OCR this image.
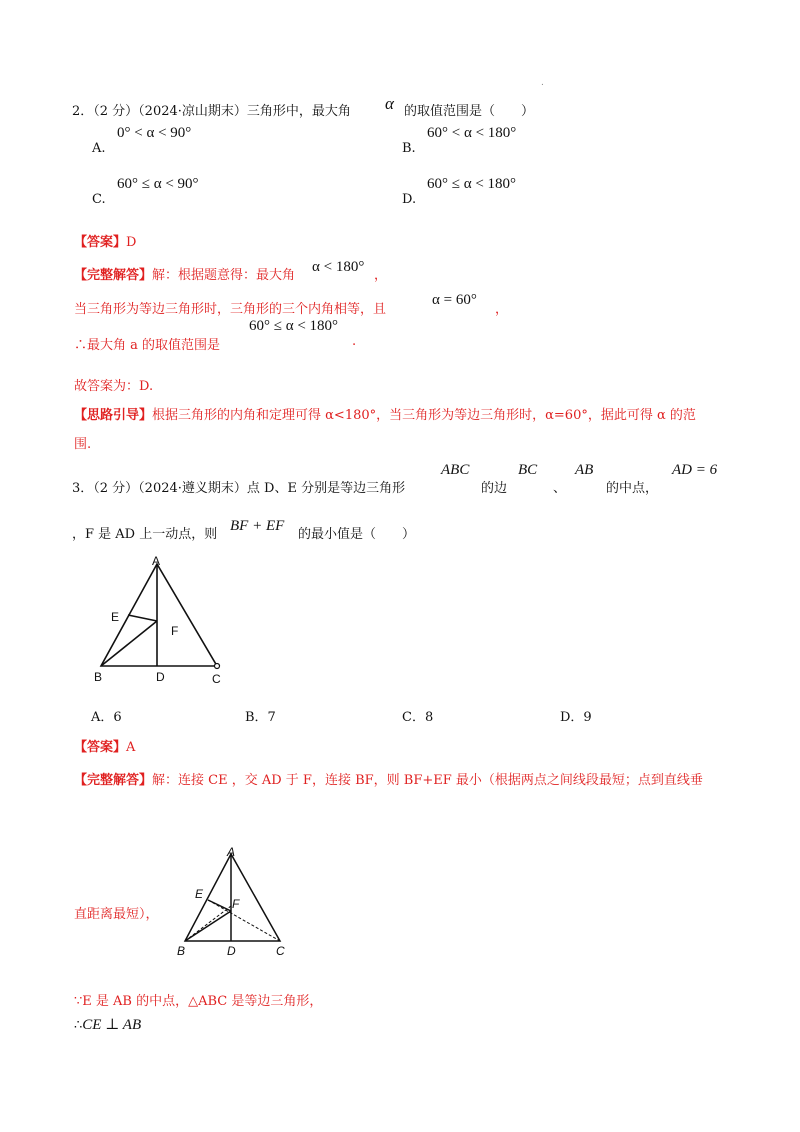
.
2．（2 分）（2024·凉山期末）三角形中，最大角 α 的取值范围是（　　）
A.
0° < α < 90°
B.
60° < α < 180°
C.
60° ≤ α < 90°
D.
60° ≤ α < 180°
【答案】D
【完整解答】解：根据题意得：最大角
α < 180°
，
当三角形为等边三角形时，三角形的三个内角相等，且
α = 60°
，
∴最大角 a 的取值范围是
60° ≤ α < 180°
.
故答案为：D.
【思路引导】根据三角形的内角和定理可得 α<180°，当三角形为等边三角形时，α=60°，据此可得 α 的范
围.
3．（2 分）（2024·遵义期末）点 D、E 分别是等边三角形
ABC
的边
BC
、
AB
的中点，
AD = 6
，F 是 AD 上一动点，则
BF + EF
的最小值是（　　）
A
E
F
B	D	C
A．6	B．7	C．8	D．9
【答案】A
【完整解答】解：连接 CE ，交 AD 于 F，连接 BF，则 BF+EF 最小（根据两点之间线段最短；点到直线垂
直距离最短），
A
E
F
B	D	C
∵E 是 AB 的中点，△ABC 是等边三角形，
∴CE ⊥ AB
